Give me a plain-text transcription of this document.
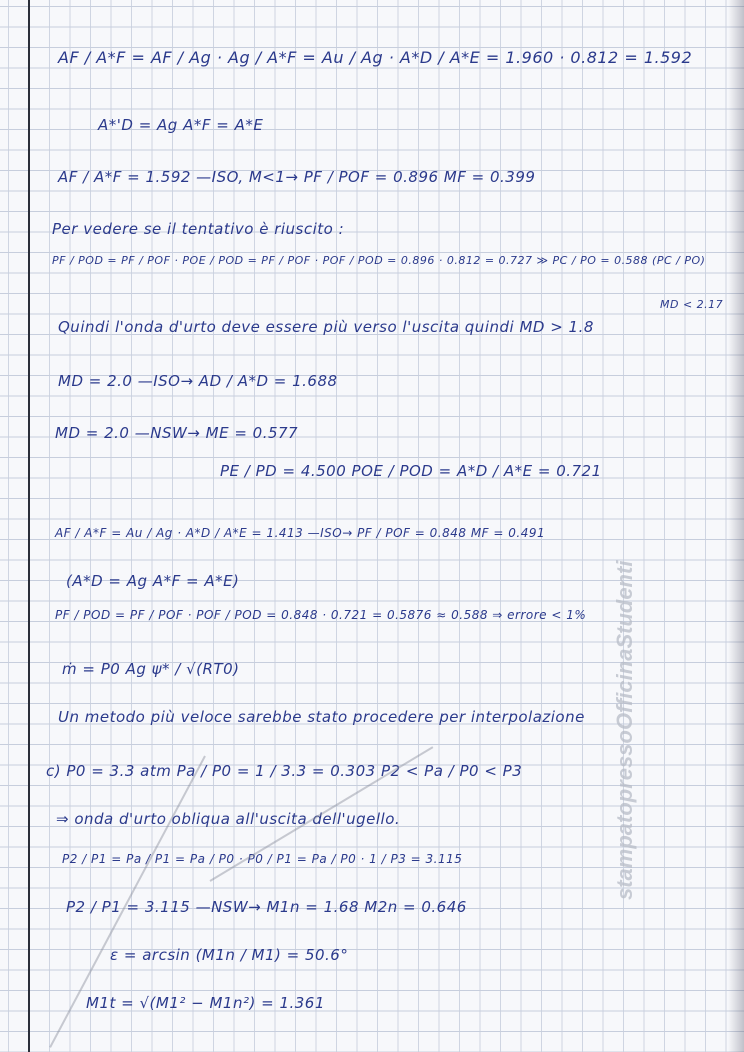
AF / A*F = AF / Ag · Ag / A*F = Au / Ag · A*D / A*E = 1.960 · 0.812 = 1.592
A*'D = Ag A*F = A*E
AF / A*F = 1.592 —ISO, M<1→ PF / POF = 0.896 MF = 0.399
Per vedere se il tentativo è riuscito :
PF / POD = PF / POF · POE / POD = PF / POF · POF / POD = 0.896 · 0.812 = 0.727 ≫ PC / PO = 0.588 (PC / PO)
MD < 2.17
Quindi l'onda d'urto deve essere più verso l'uscita quindi MD > 1.8
MD = 2.0 —ISO→ AD / A*D = 1.688
MD = 2.0 —NSW→ ME = 0.577
PE / PD = 4.500 POE / POD = A*D / A*E = 0.721
AF / A*F = Au / Ag · A*D / A*E = 1.413 —ISO→ PF / POF = 0.848 MF = 0.491
(A*D = Ag A*F = A*E)
PF / POD = PF / POF · POF / POD = 0.848 · 0.721 = 0.5876 ≈ 0.588 ⇒ errore < 1%
ṁ = P0 Ag ψ* / √(RT0)
Un metodo più veloce sarebbe stato procedere per interpolazione
c) P0 = 3.3 atm Pa / P0 = 1 / 3.3 = 0.303 P2 < Pa / P0 < P3
⇒ onda d'urto obliqua all'uscita dell'ugello.
P2 / P1 = Pa / P1 = Pa / P0 · P0 / P1 = Pa / P0 · 1 / P3 = 3.115
P2 / P1 = 3.115 —NSW→ M1n = 1.68 M2n = 0.646
ε = arcsin (M1n / M1) = 50.6°
M1t = √(M1² − M1n²) = 1.361
stampatopressoOfficinaStudenti
